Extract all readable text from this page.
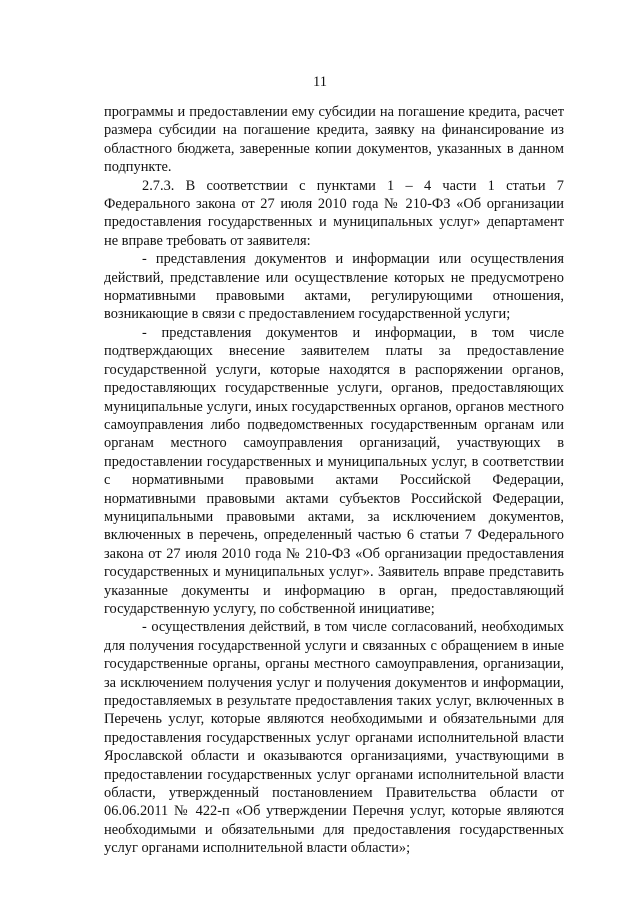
11

программы и предоставлении ему субсидии на погашение кредита, расчет размера субсидии на погашение кредита, заявку на финансирование из областного бюджета, заверенные копии документов, указанных в данном подпункте.

2.7.3. В соответствии с пунктами 1 – 4 части 1 статьи 7 Федерального закона от 27 июля 2010 года № 210-ФЗ «Об организации предоставления государственных и муниципальных услуг» департамент не вправе требовать от заявителя:

- представления документов и информации или осуществления действий, представление или осуществление которых не предусмотрено нормативными правовыми актами, регулирующими отношения, возникающие в связи с предоставлением государственной услуги;

- представления документов и информации, в том числе подтверждающих внесение заявителем платы за предоставление государственной услуги, которые находятся в распоряжении органов, предоставляющих государственные услуги, органов, предоставляющих муниципальные услуги, иных государственных органов, органов местного самоуправления либо подведомственных государственным органам или органам местного самоуправления организаций, участвующих в предоставлении государственных и муниципальных услуг, в соответствии с нормативными правовыми актами Российской Федерации, нормативными правовыми актами субъектов Российской Федерации, муниципальными правовыми актами, за исключением документов, включенных в перечень, определенный частью 6 статьи 7 Федерального закона от 27 июля 2010 года № 210-ФЗ «Об организации предоставления государственных и муниципальных услуг». Заявитель вправе представить указанные документы и информацию в орган, предоставляющий государственную услугу, по собственной инициативе;

- осуществления действий, в том числе согласований, необходимых для получения государственной услуги и связанных с обращением в иные государственные органы, органы местного самоуправления, организации, за исключением получения услуг и получения документов и информации, предоставляемых в результате предоставления таких услуг, включенных в Перечень услуг, которые являются необходимыми и обязательными для предоставления государственных услуг органами исполнительной власти Ярославской области и оказываются организациями, участвующими в предоставлении государственных услуг органами исполнительной власти области, утвержденный постановлением Правительства области от 06.06.2011 № 422-п «Об утверждении Перечня услуг, которые являются необходимыми и обязательными для предоставления государственных услуг органами исполнительной власти области»;
